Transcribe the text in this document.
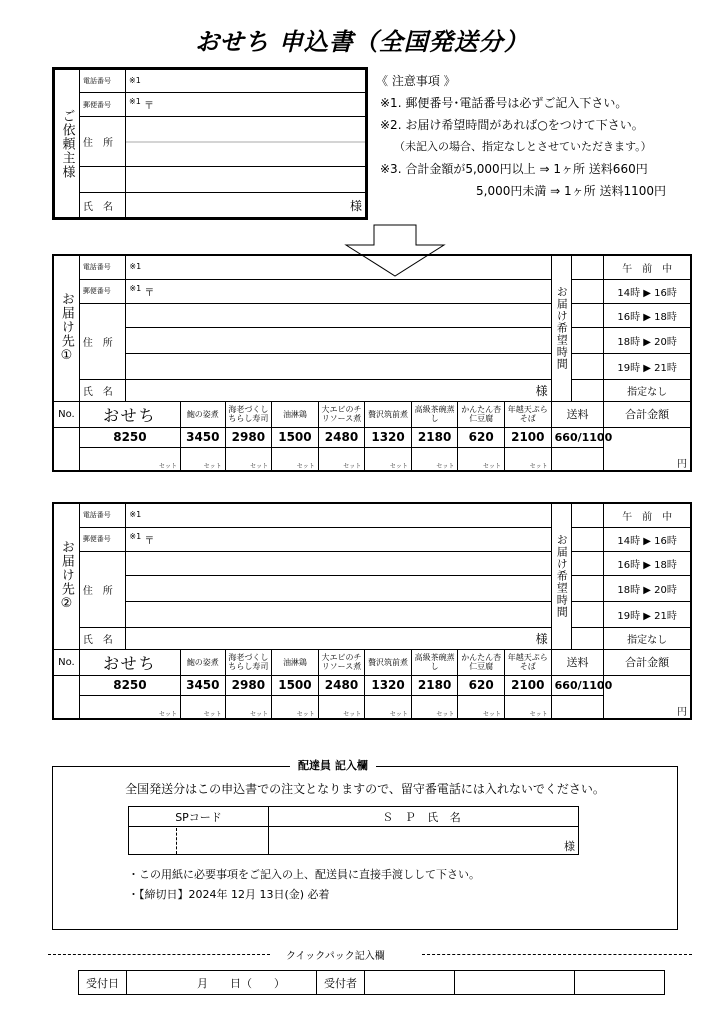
おせち 申込書（全国発送分）
ご依頼主様	電話番号	$^{※1}$
	郵便番号	$^{※1}$ 〒
	住　所	

	氏　名	様
《 注意事項 》
※1. 郵便番号･電話番号は必ずご記入下さい。
※2. お届け希望時間があれば○をつけて下さい。
（未記入の場合、指定なしとさせていただきます。）
※3. 合計金額が5,000円以上 ⇒ 1ヶ所 送料660円
5,000円未満 ⇒ 1ヶ所 送料1100円
お届け先①	電話番号	$^{※1}$									お届け希望時間		午　前　中
	郵便番号	$^{※1}$ 〒											14時 ▶ 16時
	住　所												16時 ▶ 18時
													18時 ▶ 20時
													19時 ▶ 21時
	氏　名	様											指定なし
No.	おせち		鮑の姿煮	海老づくしちらし寿司	油淋鶏	大エビのチリソース煮	贅沢筑前煮	高級茶碗蒸し	かんたん杏仁豆腐	年越天ぷらそば	送料		合計金額
	8250		3450	2980	1500	2480	1320	2180	620	2100	660/1100		円
	セット		セット	セット	セット	セット	セット	セット	セット	セット			
お届け先②	電話番号	$^{※1}$									お届け希望時間		午　前　中
	郵便番号	$^{※1}$ 〒											14時 ▶ 16時
	住　所												16時 ▶ 18時
													18時 ▶ 20時
													19時 ▶ 21時
	氏　名	様											指定なし
No.	おせち		鮑の姿煮	海老づくしちらし寿司	油淋鶏	大エビのチリソース煮	贅沢筑前煮	高級茶碗蒸し	かんたん杏仁豆腐	年越天ぷらそば	送料		合計金額
	8250		3450	2980	1500	2480	1320	2180	620	2100	660/1100		円
	セット		セット	セット	セット	セット	セット	セット	セット	セット			
配達員 記入欄
全国発送分はこの申込書での注文となりますので、留守番電話には入れないでください。
SPコード	Ｓ Ｐ 氏 名

	様
・この用紙に必要事項をご記入の上、配送員に直接手渡しして下さい。
・【締切日】2024年 12月 13日(金) 必着
クイックパック記入欄
受付日	月　　 日（　　）	受付者			
